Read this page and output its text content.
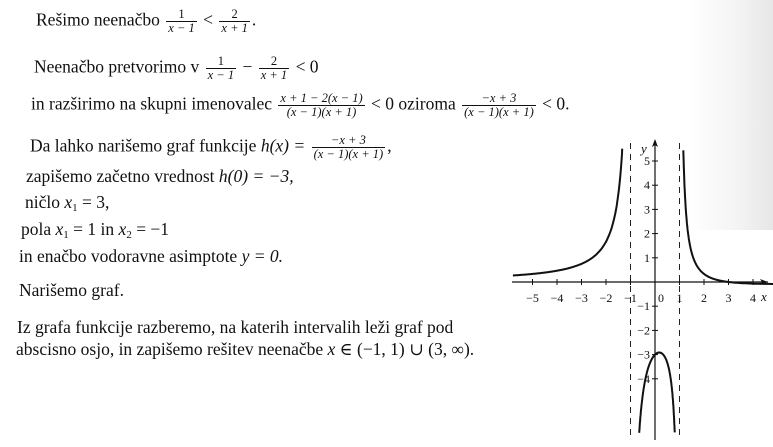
Rešimo neenačbo $\frac{1}{x - 1} < \frac{2}{x + 1}$ .
Neenačbo pretvorimo v $\frac{1}{x - 1} - \frac{2}{x + 1} < 0$
in razširimo na skupni imenovalec $\frac{x + 1 - 2(x - 1)}{(x - 1)(x + 1)} < 0$ oziroma $\frac{-x + 3}{(x - 1)(x + 1)} < 0$.
Da lahko narišemo graf funkcije $h(x) = \frac{-x + 3}{(x - 1)(x + 1)}$ ,
zapišemo začetno vrednost h(0) = −3,
ničlo $x_1 = 3$,
pola $x_1 = 1$ in $x_2 = -1$
in enačbo vodoravne asimptote y = 0.
Narišemo graf.
Iz grafa funkcije razberemo, na katerih intervalih leži graf pod
abscisno osjo, in zapišemo rešitev neenačbe x ∈ (−1, 1) ∪ (3, ∞).
−5 −4 −3 −2 −1 0 1 2 3 4
1
2
3
4
5
−1
−2
−3
−4
x
y
